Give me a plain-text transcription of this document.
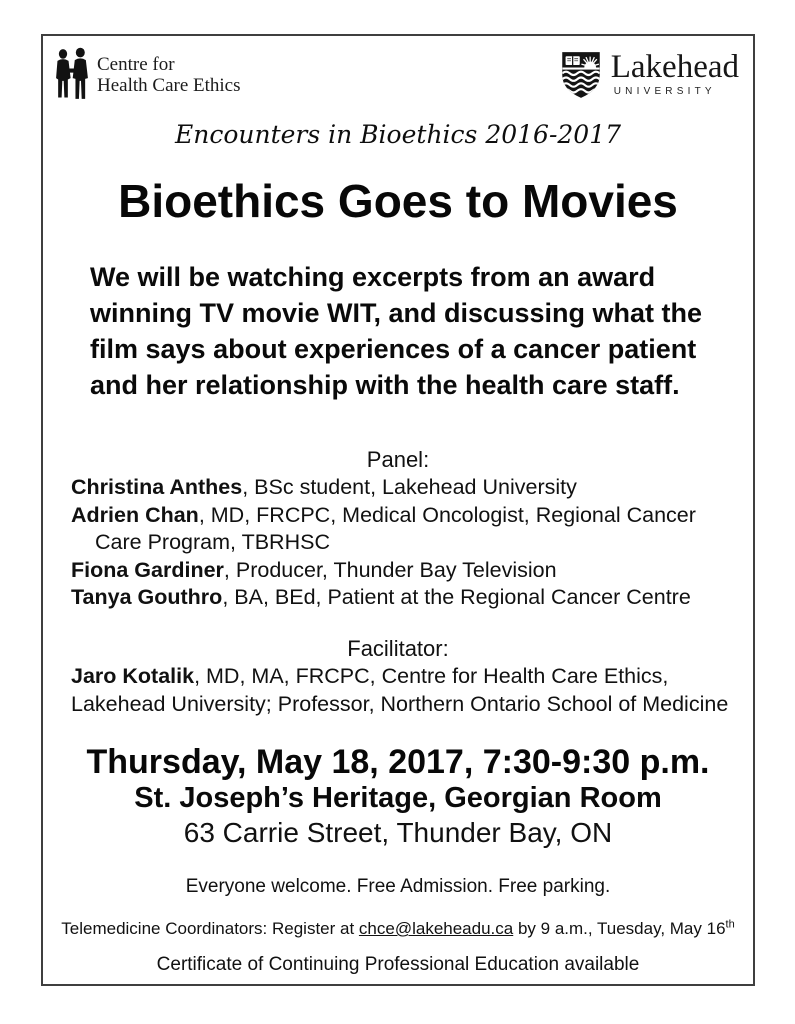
Centre for
Health Care Ethics
Lakehead
UNIVERSITY
Encounters in Bioethics 2016-2017
Bioethics Goes to Movies
We will be watching excerpts from an award
winning TV movie WIT, and discussing what the
film says about experiences of a cancer patient
and her relationship with the health care staff.
Panel:
Christina Anthes, BSc student, Lakehead University
Adrien Chan, MD, FRCPC, Medical Oncologist, Regional Cancer
Care Program, TBRHSC
Fiona Gardiner, Producer, Thunder Bay Television
Tanya Gouthro, BA, BEd, Patient at the Regional Cancer Centre
Facilitator:
Jaro Kotalik, MD, MA, FRCPC, Centre for Health Care Ethics,
Lakehead University; Professor, Northern Ontario School of Medicine
Thursday, May 18, 2017, 7:30-9:30 p.m.
St. Joseph’s Heritage, Georgian Room
63 Carrie Street, Thunder Bay, ON
Everyone welcome. Free Admission. Free parking.
Telemedicine Coordinators: Register at chce@lakeheadu.ca by 9 a.m., Tuesday, May 16th
Certificate of Continuing Professional Education available
